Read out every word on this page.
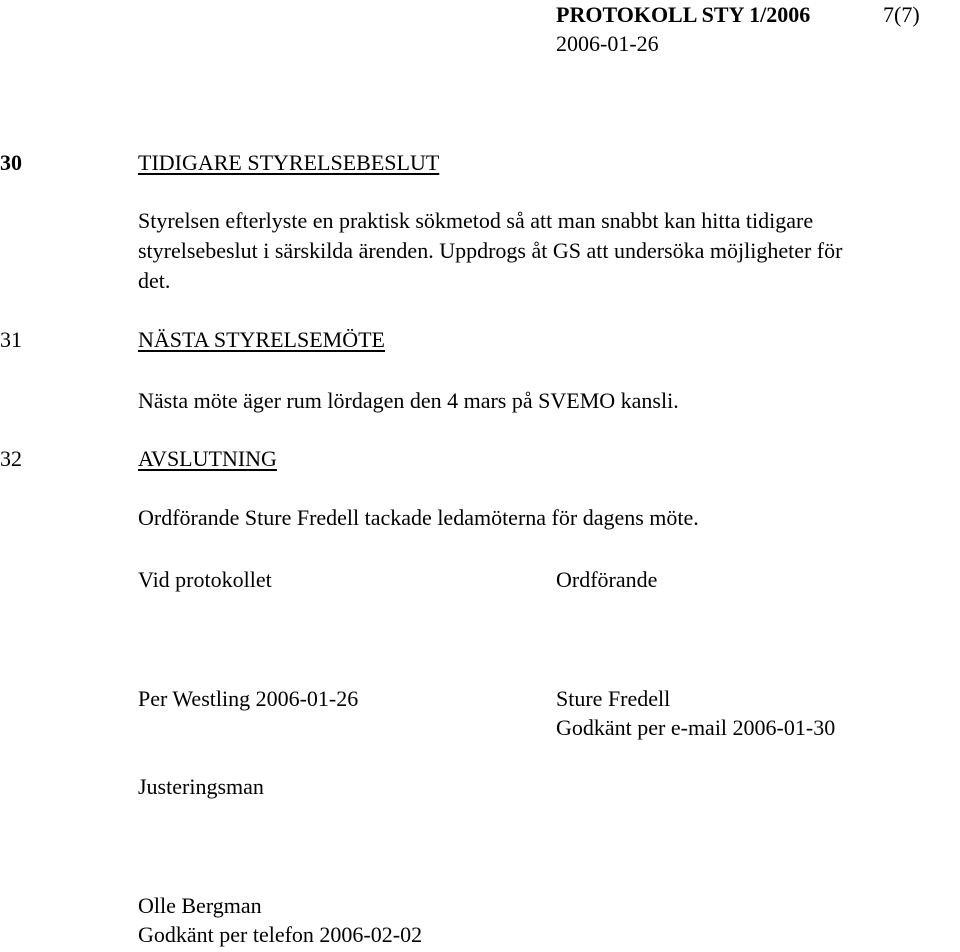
PROTOKOLL STY 1/2006	7(7)
2006-01-26
30	TIDIGARE STYRELSEBESLUT
Styrelsen efterlyste en praktisk sökmetod så att man snabbt kan hitta tidigare
styrelsebeslut i särskilda ärenden. Uppdrogs åt GS att undersöka möjligheter för
det.
31	NÄSTA STYRELSEMÖTE
Nästa möte äger rum lördagen den 4 mars på SVEMO kansli.
32	AVSLUTNING
Ordförande Sture Fredell tackade ledamöterna för dagens möte.
Vid protokollet	Ordförande
Per Westling 2006-01-26	Sture Fredell
Godkänt per e-mail 2006-01-30
Justeringsman
Olle Bergman
Godkänt per telefon 2006-02-02
